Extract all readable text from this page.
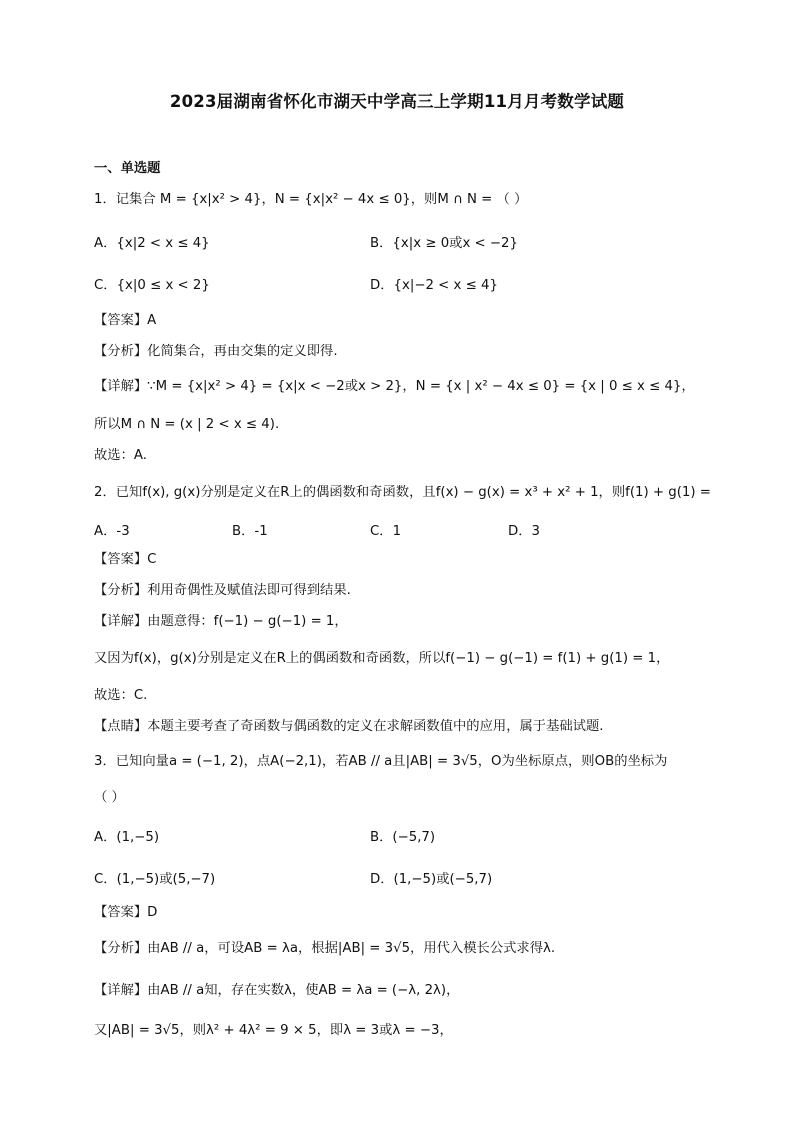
2023届湖南省怀化市湖天中学高三上学期11月月考数学试题
一、单选题
1．记集合 M = {x|x² > 4}，N = {x|x² − 4x ≤ 0}，则M ∩ N = （ ）
A．{x|2 < x ≤ 4}	B．{x|x ≥ 0或x < −2}
C．{x|0 ≤ x < 2}	D．{x|−2 < x ≤ 4}
【答案】A
【分析】化简集合，再由交集的定义即得.
【详解】∵M = {x|x² > 4} = {x|x < −2或x > 2}，N = {x | x² − 4x ≤ 0} = {x | 0 ≤ x ≤ 4}，
所以M ∩ N = (x | 2 < x ≤ 4).
故选：A.
2．已知f(x), g(x)分别是定义在R上的偶函数和奇函数，且f(x) − g(x) = x³ + x² + 1，则f(1) + g(1) =
A．-3	B．-1	C．1	D．3
【答案】C
【分析】利用奇偶性及赋值法即可得到结果.
【详解】由题意得：f(−1) − g(−1) = 1，
又因为f(x)，g(x)分别是定义在R上的偶函数和奇函数，所以f(−1) − g(−1) = f(1) + g(1) = 1，
故选：C.
【点睛】本题主要考查了奇函数与偶函数的定义在求解函数值中的应用，属于基础试题.
3．已知向量a = (−1, 2)，点A(−2,1)，若AB // a且|AB| = 3√5，O为坐标原点，则OB的坐标为
（ ）
A．(1,−5)	B．(−5,7)
C．(1,−5)或(5,−7)	D．(1,−5)或(−5,7)
【答案】D
【分析】由AB // a，可设AB = λa，根据|AB| = 3√5，用代入模长公式求得λ.
【详解】由AB // a知，存在实数λ，使AB = λa = (−λ, 2λ)，
又|AB| = 3√5，则λ² + 4λ² = 9 × 5，即λ = 3或λ = −3，
